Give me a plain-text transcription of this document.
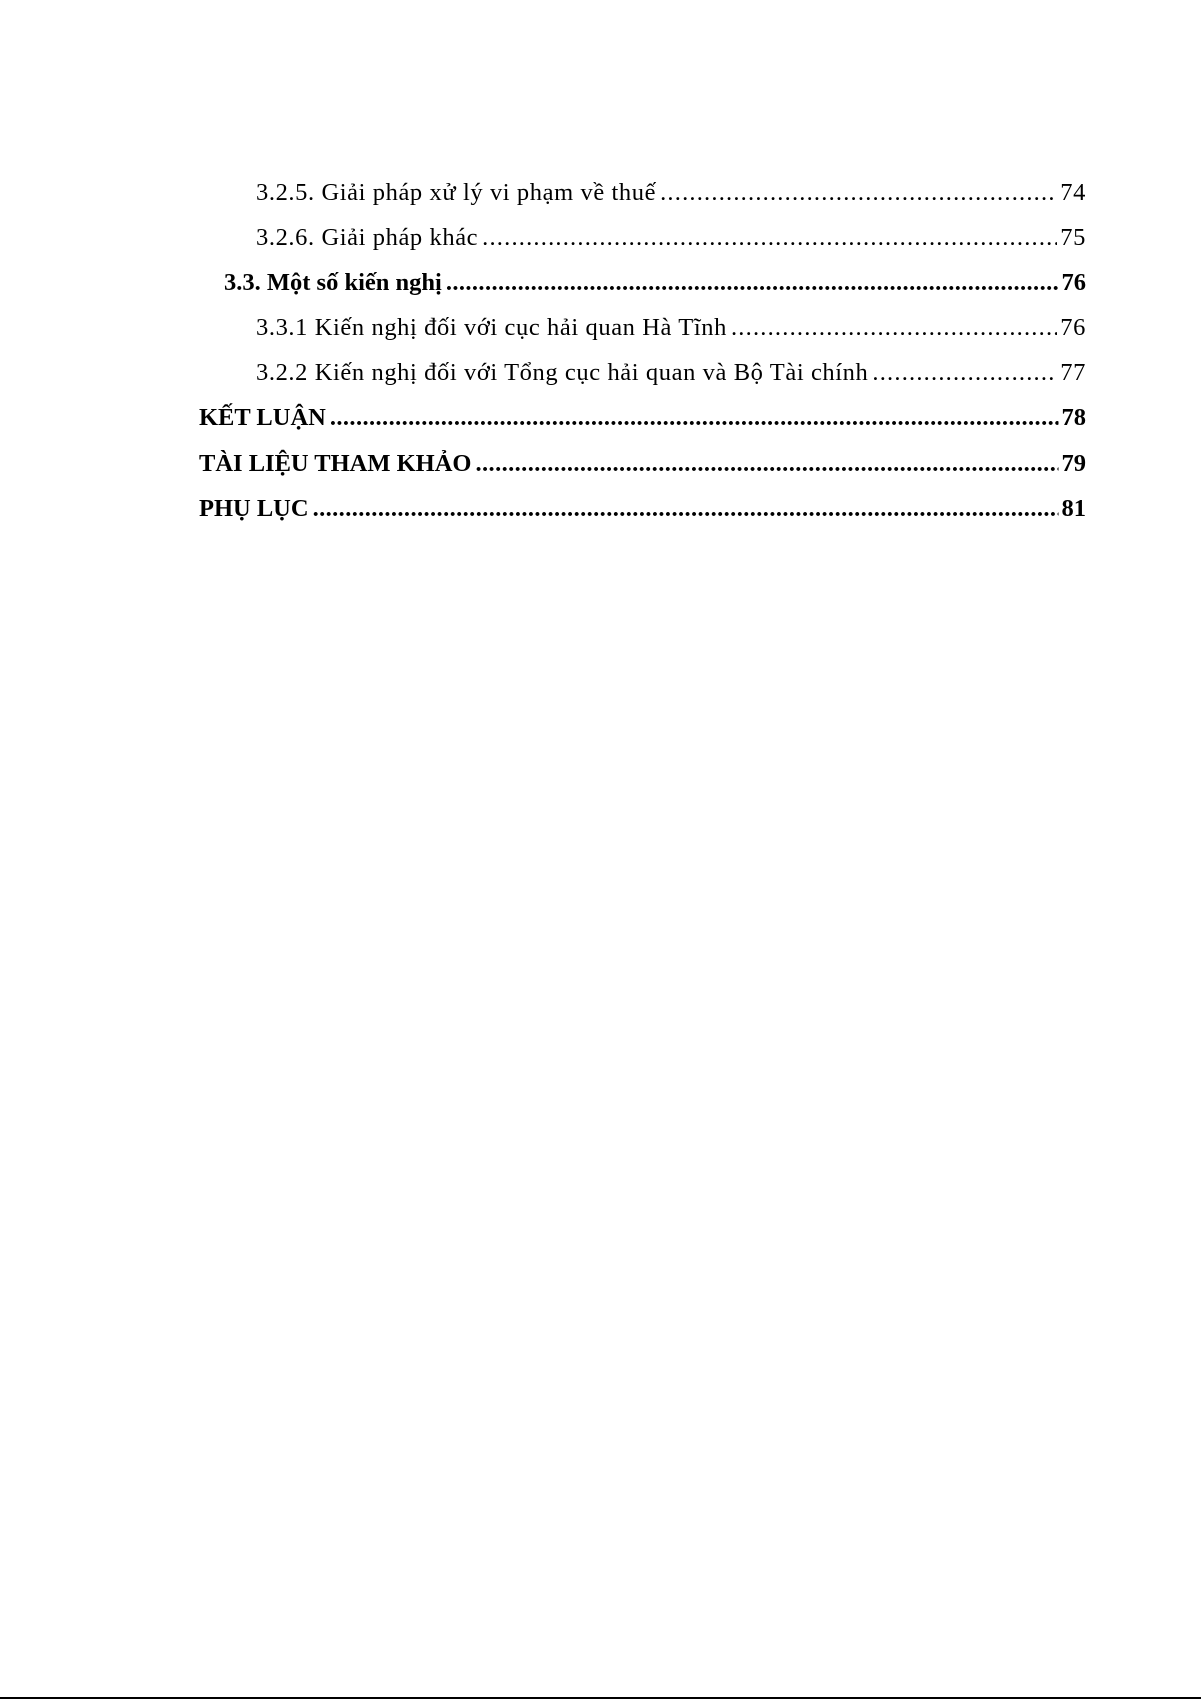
3.2.5. Giải pháp xử lý vi phạm về thuế .....	74
3.2.6. Giải pháp khác .....	75
3.3. Một số kiến nghị .....	76
3.3.1 Kiến nghị đối với cục hải quan Hà Tĩnh .....	76
3.2.2 Kiến nghị đối với Tổng cục hải quan và Bộ Tài chính .....	77
KẾT LUẬN .....	78
TÀI LIỆU THAM KHẢO .....	79
PHỤ LỤC .....	81
